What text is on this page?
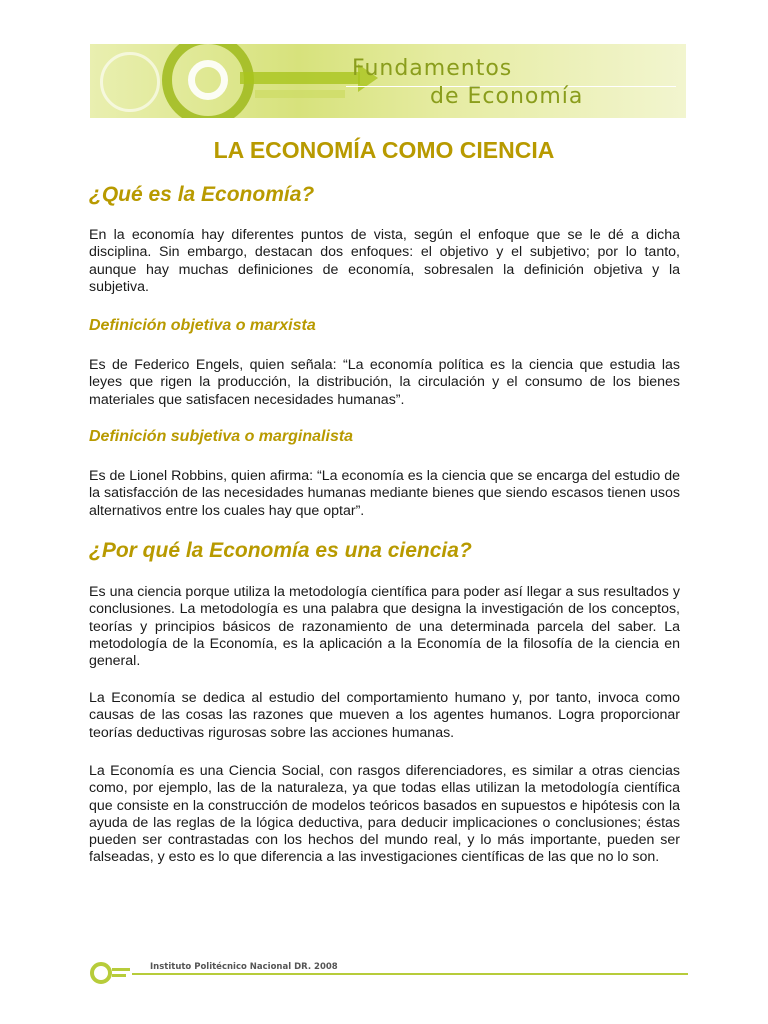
Fundamentos
de Economía
LA ECONOMÍA COMO CIENCIA
¿Qué es la Economía?

En la economía hay diferentes puntos de vista, según el enfoque que se le dé a dicha disciplina. Sin embargo, destacan dos enfoques: el objetivo y el subjetivo; por lo tanto, aunque hay muchas definiciones de economía, sobresalen la definición objetiva y la subjetiva.

Definición objetiva o marxista

Es de Federico Engels, quien señala: “La economía política es la ciencia que estudia las leyes que rigen la producción, la distribución, la circulación y el consumo de los bienes materiales que satisfacen necesidades humanas”.

Definición subjetiva o marginalista

Es de Lionel Robbins, quien afirma: “La economía es la ciencia que se encarga del estudio de la satisfacción de las necesidades humanas mediante bienes que siendo escasos tienen usos alternativos entre los cuales hay que optar”.

¿Por qué la Economía es una ciencia?

Es una ciencia porque utiliza la metodología científica para poder así llegar a sus resultados y conclusiones. La metodología es una palabra que designa la investigación de los conceptos, teorías y principios básicos de razonamiento de una determinada parcela del saber. La metodología de la Economía, es la aplicación a la Economía de la filosofía de la ciencia en general.

La Economía se dedica al estudio del comportamiento humano y, por tanto, invoca como causas de las cosas las razones que mueven a los agentes humanos. Logra proporcionar teorías deductivas rigurosas sobre las acciones humanas.

La Economía es una Ciencia Social, con rasgos diferenciadores, es similar a otras ciencias como, por ejemplo, las de la naturaleza, ya que todas ellas utilizan la metodología científica que consiste en la construcción de modelos teóricos basados en supuestos e hipótesis con la ayuda de las reglas de la lógica deductiva, para deducir implicaciones o conclusiones; éstas pueden ser contrastadas con los hechos del mundo real, y lo más importante, pueden ser falseadas, y esto es lo que diferencia a las investigaciones científicas de las que no lo son.

Instituto Politécnico Nacional DR. 2008
